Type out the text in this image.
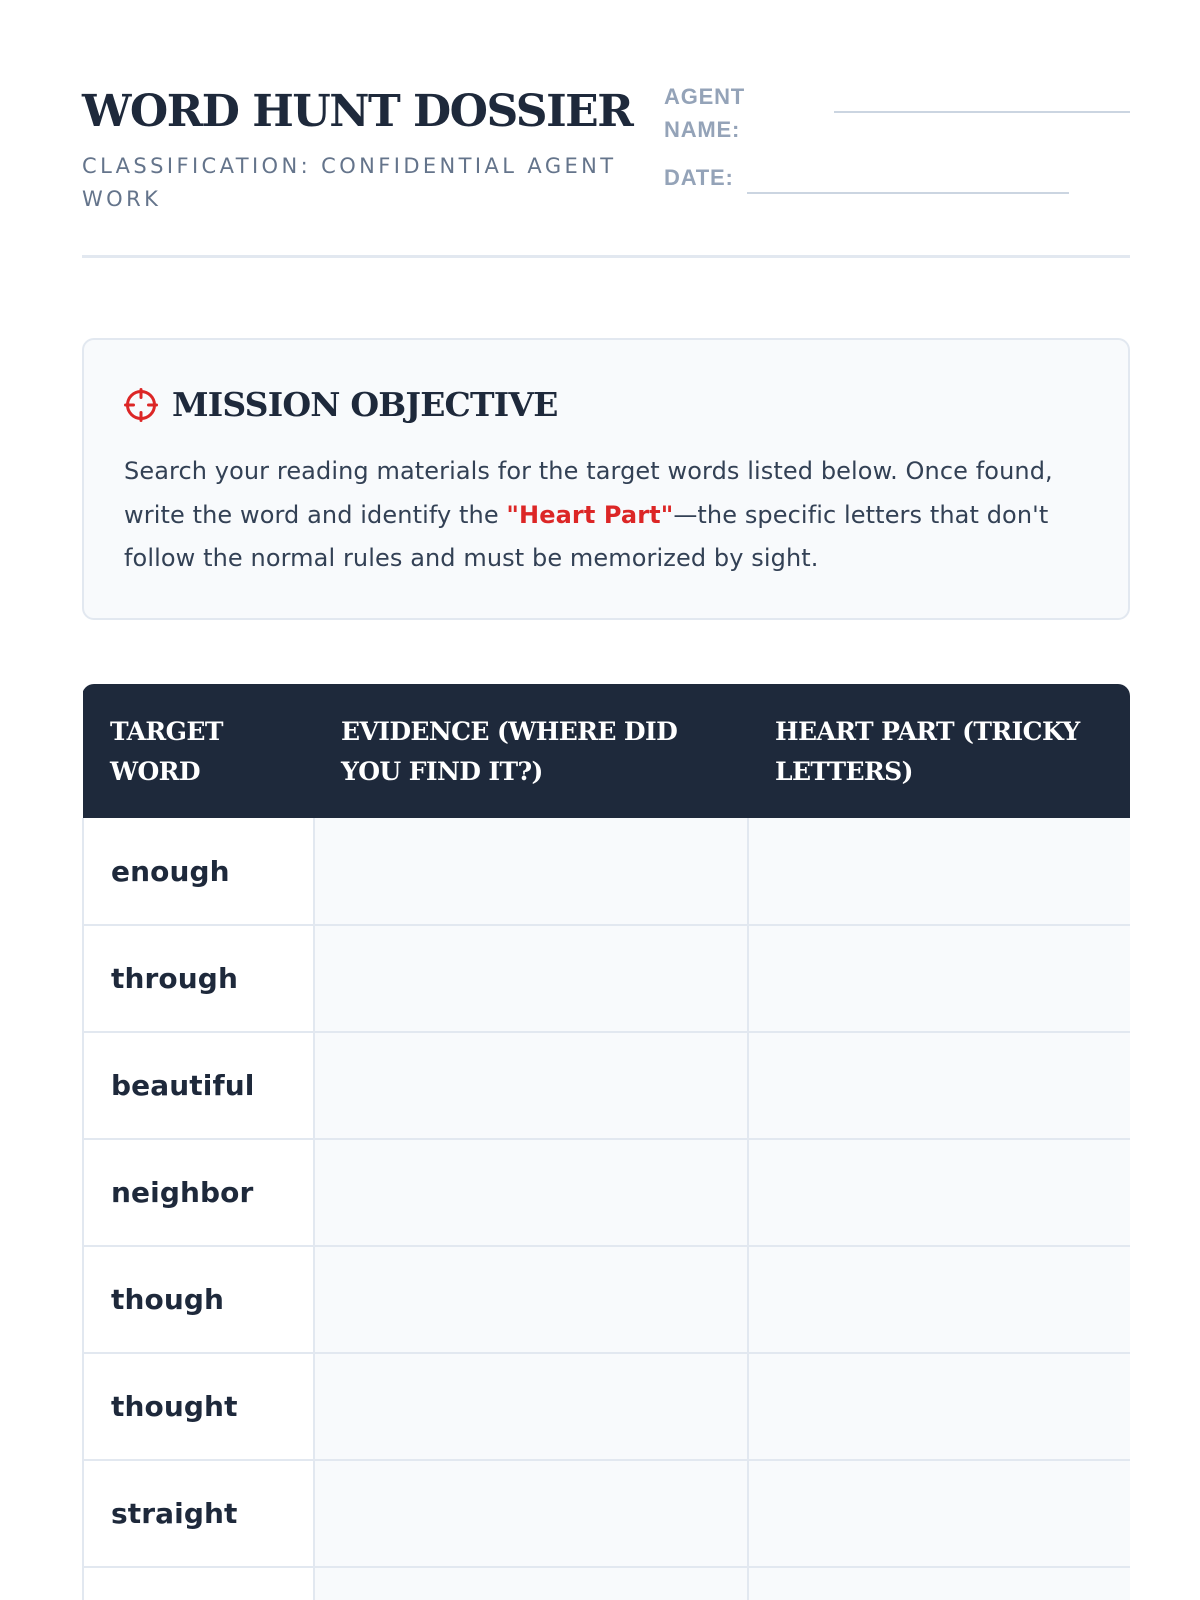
WORD HUNT DOSSIER
CLASSIFICATION: CONFIDENTIAL AGENT WORK
AGENT NAME:
DATE:
MISSION OBJECTIVE

Search your reading materials for the target words listed below. Once found, write the word and identify the "Heart Part"—the specific letters that don't follow the normal rules and must be memorized by sight.

TARGET WORD	EVIDENCE (WHERE DID YOU FIND IT?)	HEART PART (TRICKY LETTERS)
enough		
through		
beautiful		
neighbor		
though		
thought		
straight		
